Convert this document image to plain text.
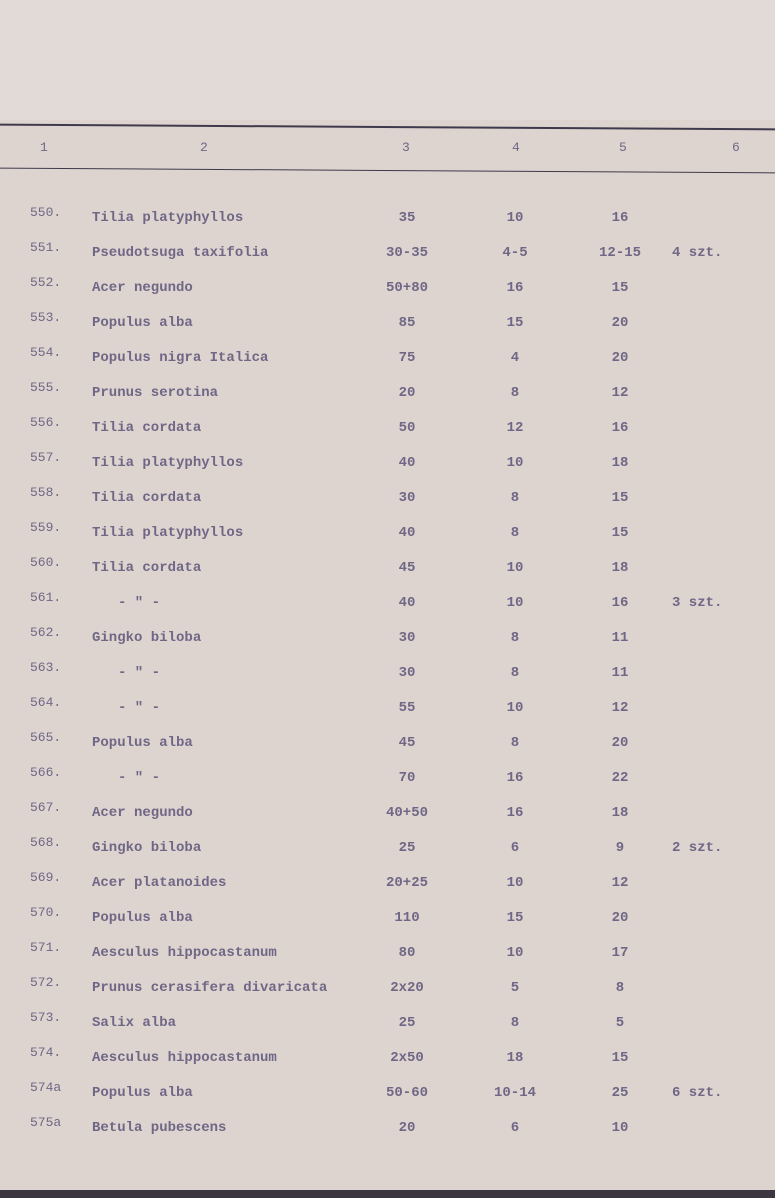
1	2	3	4	5	6
550. Tilia platyphyllos	35	10	16
551. Pseudotsuga taxifolia	30-35	4-5	12-15	4 szt.
552. Acer negundo	50+80	16	15
553. Populus alba	85	15	20
554. Populus nigra Italica	75	4	20
555. Prunus serotina	20	8	12
556. Tilia cordata	50	12	16
557. Tilia platyphyllos	40	10	18
558. Tilia cordata	30	8	15
559. Tilia platyphyllos	40	8	15
560. Tilia cordata	45	10	18
561.	- " -	40	10	16	3 szt.
562. Gingko biloba	30	8	11
563.	- " -	30	8	11
564.	- " -	55	10	12
565. Populus alba	45	8	20
566.	- " -	70	16	22
567. Acer negundo	40+50	16	18
568. Gingko biloba	25	6	9	2 szt.
569. Acer platanoides	20+25	10	12
570. Populus alba	110	15	20
571. Aesculus hippocastanum	80	10	17
572. Prunus cerasifera divaricata	2x20	5	8
573. Salix alba	25	8	5
574. Aesculus hippocastanum	2x50	18	15
574a Populus alba	50-60	10-14	25	6 szt.
575a Betula pubescens	20	6	10
